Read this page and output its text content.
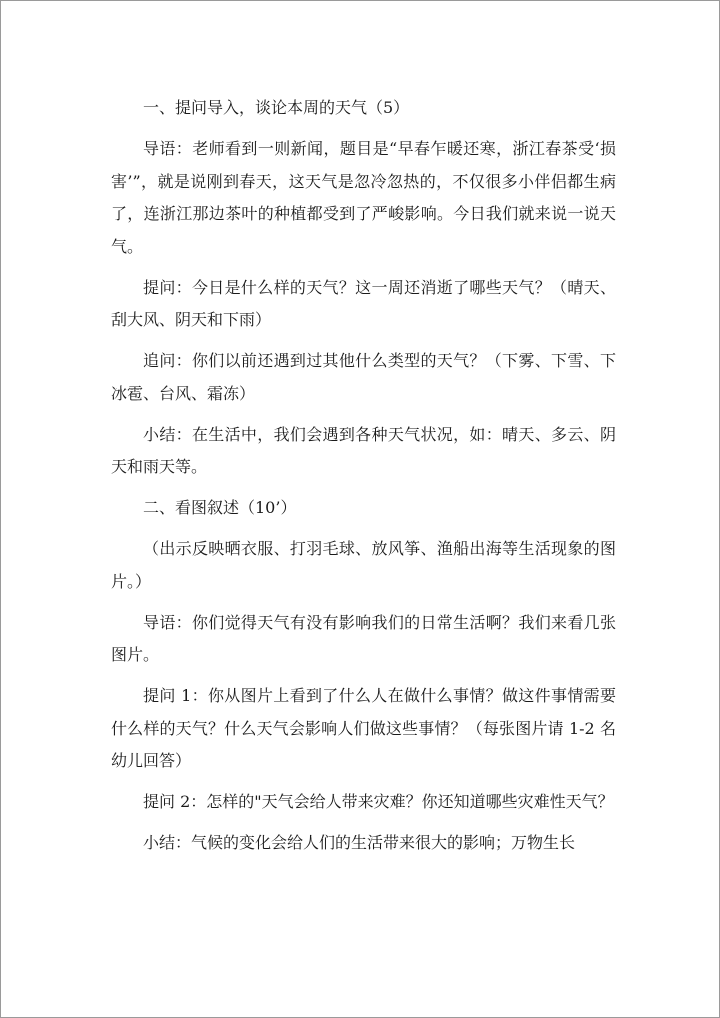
一、提问导入，谈论本周的天气（5）

导语：老师看到一则新闻，题目是“早春乍暖还寒，浙江春茶受‘损害’”，就是说刚到春天，这天气是忽冷忽热的，不仅很多小伴侣都生病了，连浙江那边茶叶的种植都受到了严峻影响。今日我们就来说一说天气。

提问：今日是什么样的天气？这一周还消逝了哪些天气？（晴天、刮大风、阴天和下雨）

追问：你们以前还遇到过其他什么类型的天气？（下雾、下雪、下冰雹、台风、霜冻）

小结：在生活中，我们会遇到各种天气状况，如：晴天、多云、阴天和雨天等。

二、看图叙述（10’）

（出示反映晒衣服、打羽毛球、放风筝、渔船出海等生活现象的图片。）

导语：你们觉得天气有没有影响我们的日常生活啊？我们来看几张图片。

提问 1：你从图片上看到了什么人在做什么事情？做这件事情需要什么样的天气？什么天气会影响人们做这些事情？（每张图片请 1-2 名幼儿回答）

提问 2：怎样的"天气会给人带来灾难？你还知道哪些灾难性天气？

小结：气候的变化会给人们的生活带来很大的影响；万物生长
